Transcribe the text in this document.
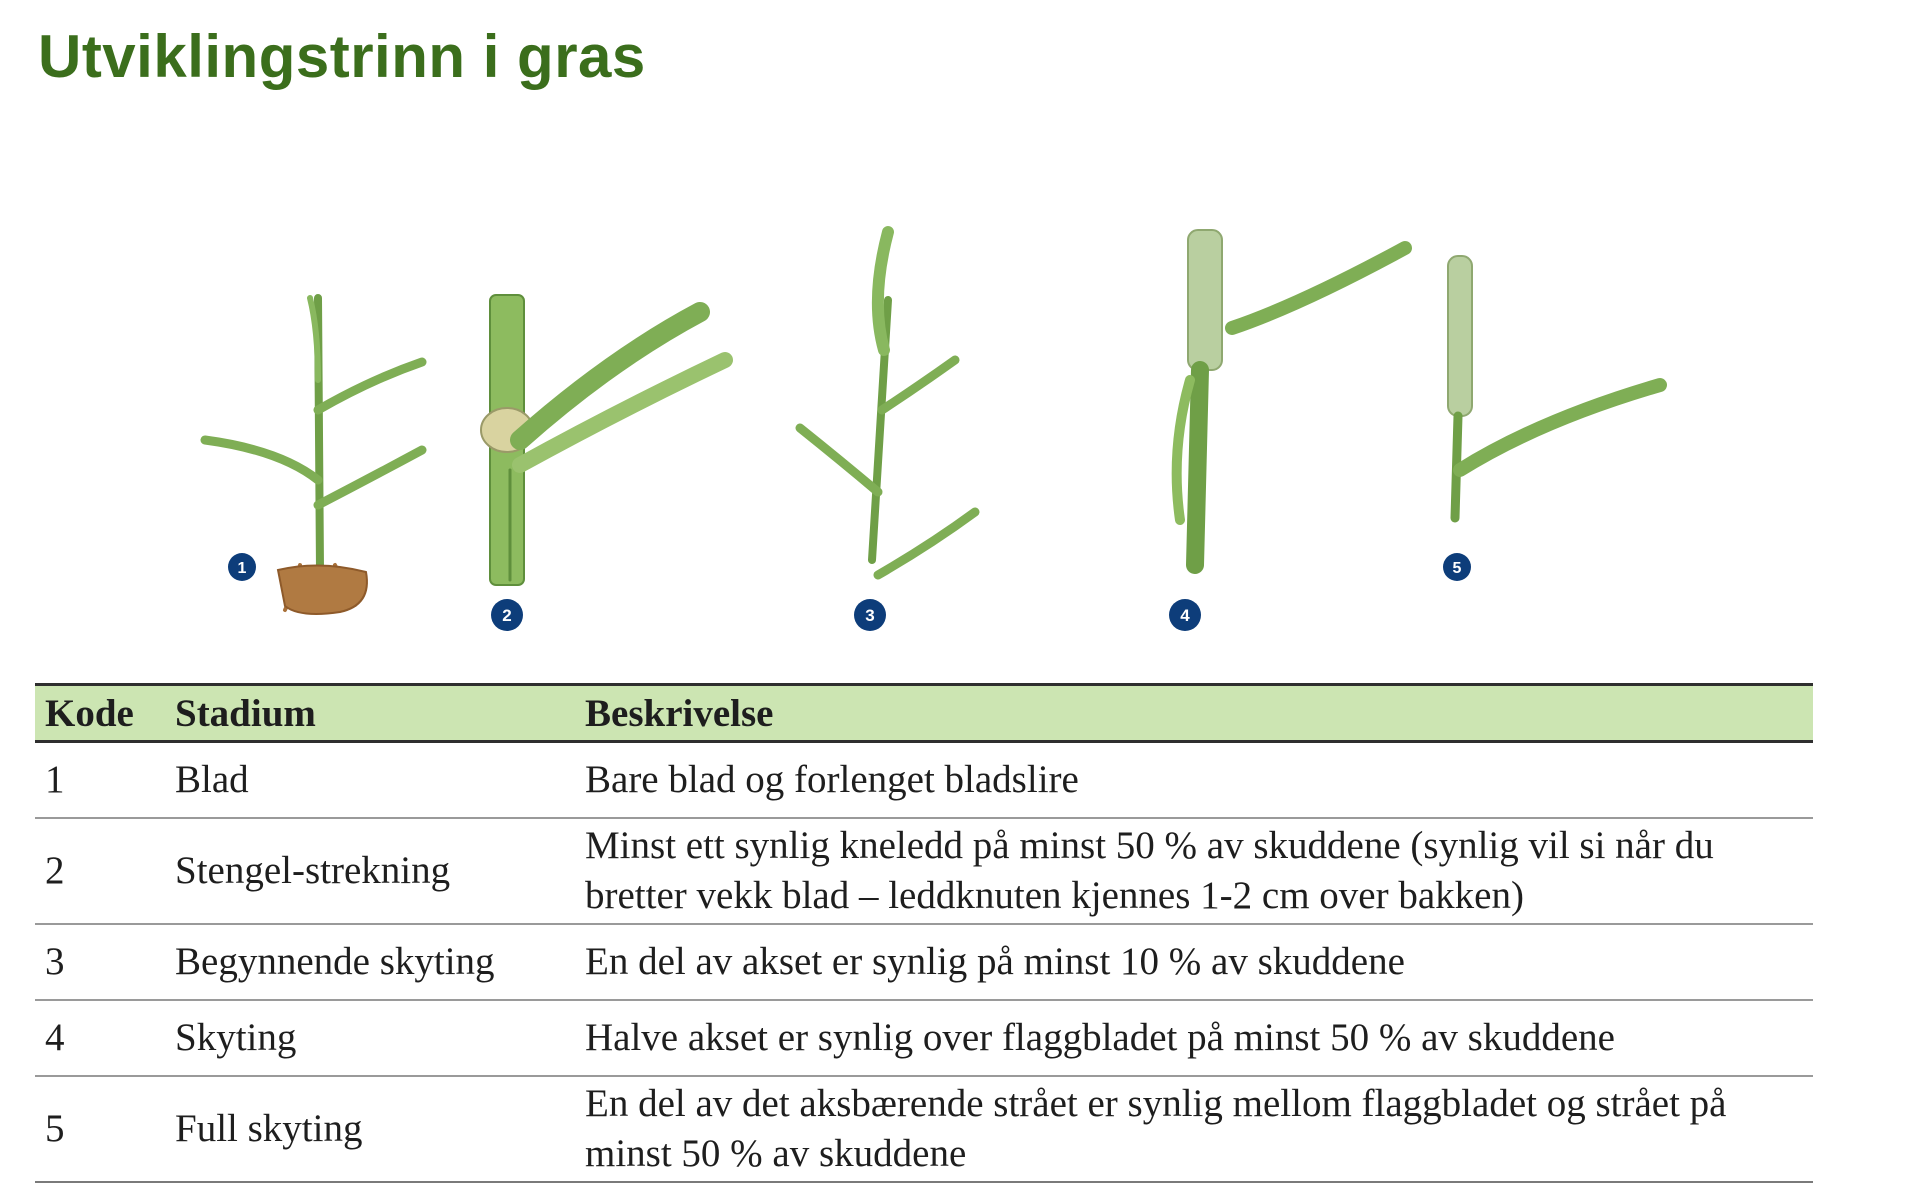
Utviklingstrinn i gras
1
2	3	4
5
Kode	Stadium	Beskrivelse
1	Blad	Bare blad og forlenget bladslire
2	Stengel-strekning	Minst ett synlig kneledd på minst 50 % av skuddene (synlig vil si når du bretter vekk blad – leddknuten kjennes 1-2 cm over bakken)
3	Begynnende skyting	En del av akset er synlig på minst 10 % av skuddene
4	Skyting	Halve akset er synlig over flaggbladet på minst 50 % av skuddene
5	Full skyting	En del av det aksbærende strået er synlig mellom flaggbladet og strået på minst 50 % av skuddene
